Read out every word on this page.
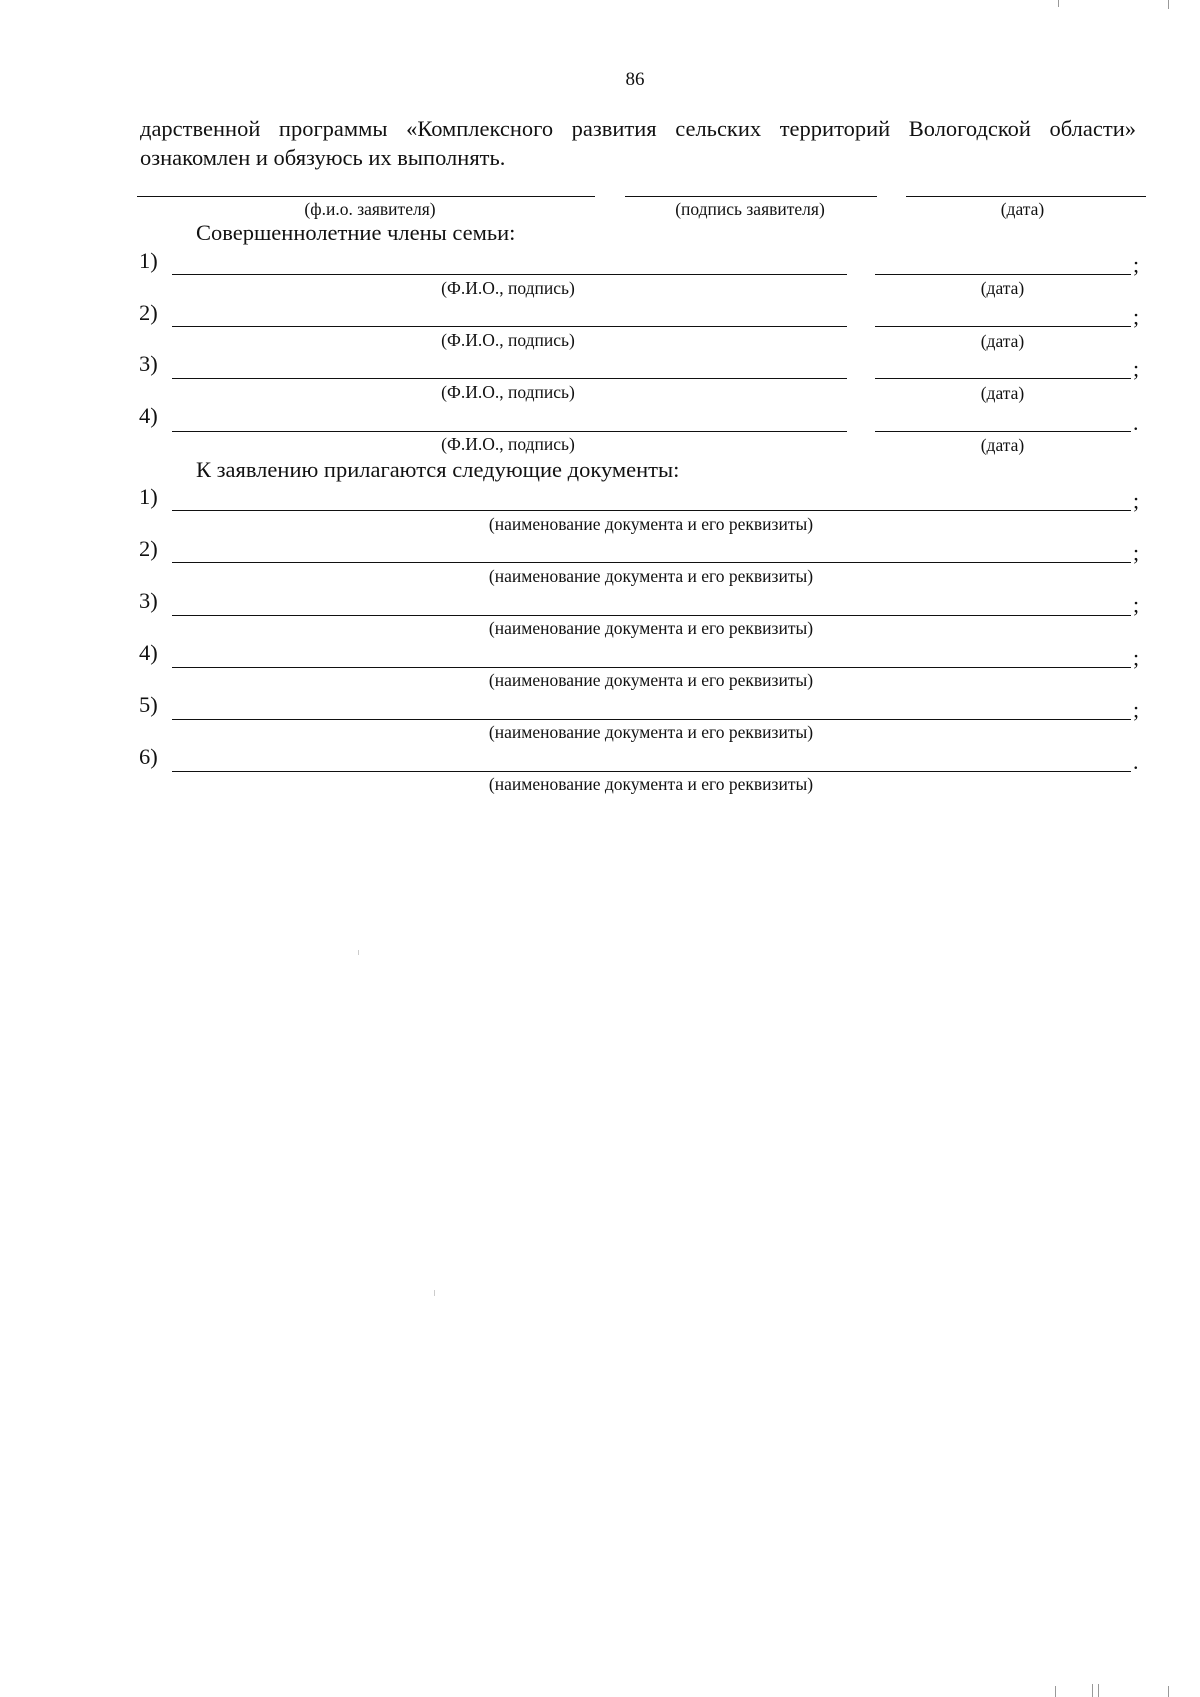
86
дарственной программы «Комплексного развития сельских территорий Вологодской области» ознакомлен и обязуюсь их выполнять.
(ф.и.о. заявителя)	(подпись заявителя)	(дата)
Совершеннолетние члены семьи:
1)	;
(Ф.И.О., подпись)	(дата)
2)	;
(Ф.И.О., подпись)	(дата)
3)	;
(Ф.И.О., подпись)	(дата)
4)	.
(Ф.И.О., подпись)	(дата)
К заявлению прилагаются следующие документы:
1)	;
(наименование документа и его реквизиты)
2)	;
(наименование документа и его реквизиты)
3)	;
(наименование документа и его реквизиты)
4)	;
(наименование документа и его реквизиты)
5)	;
(наименование документа и его реквизиты)
6)	.
(наименование документа и его реквизиты)
